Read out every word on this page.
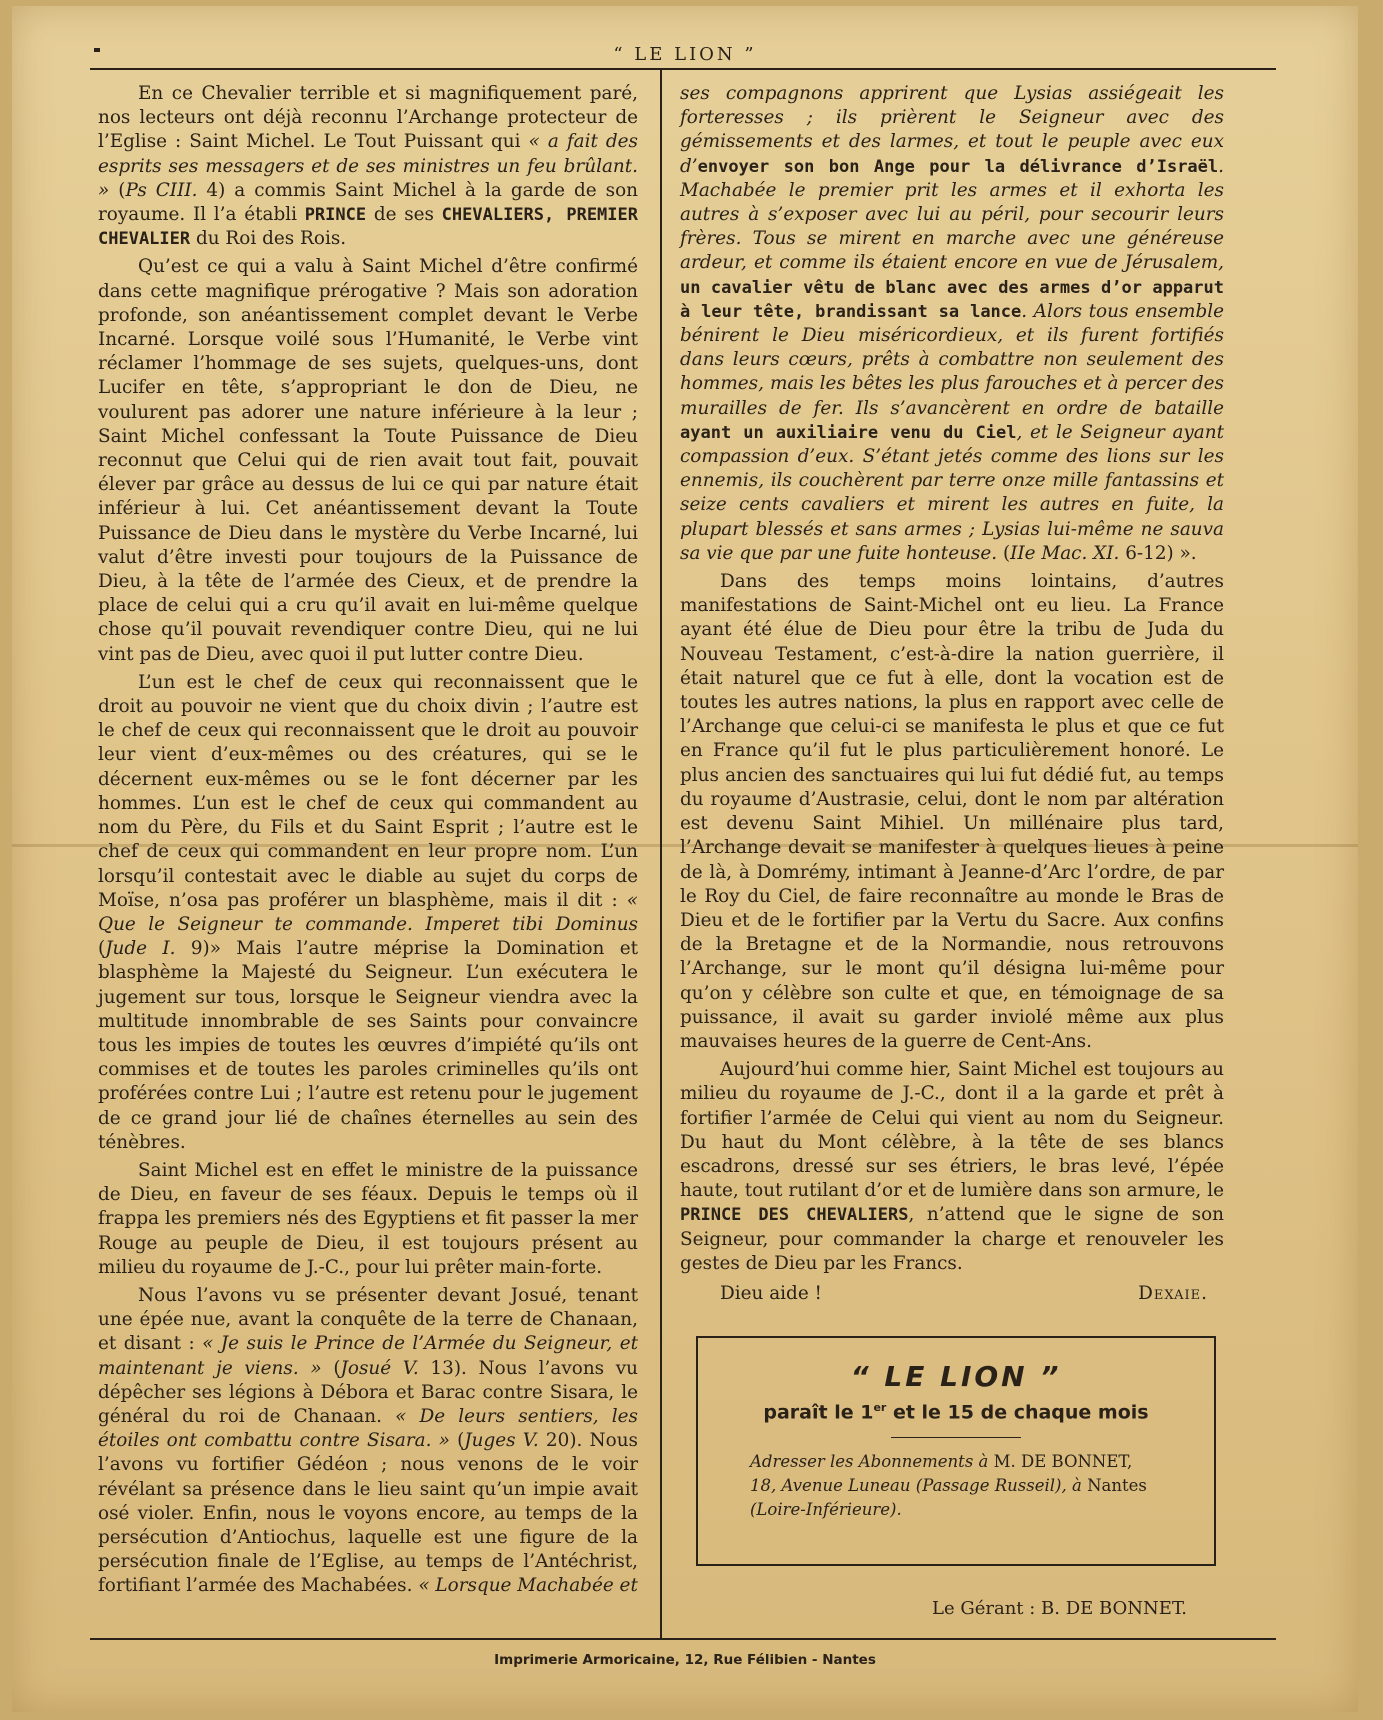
“ LE LION ”

En ce Chevalier terrible et si magnifiquement paré, nos lecteurs ont déjà reconnu l’Archange protecteur de l’Eglise : Saint Michel. Le Tout Puissant qui « a fait des esprits ses messagers et de ses ministres un feu brûlant. » (Ps CIII. 4) a commis Saint Michel à la garde de son royaume. Il l’a établi PRINCE de ses CHEVALIERS, PREMIER CHEVALIER du Roi des Rois.

Qu’est ce qui a valu à Saint Michel d’être confirmé dans cette magnifique prérogative ? Mais son adoration profonde, son anéantissement complet devant le Verbe Incarné. Lorsque voilé sous l’Humanité, le Verbe vint réclamer l’hommage de ses sujets, quelques-uns, dont Lucifer en tête, s’appropriant le don de Dieu, ne voulurent pas adorer une nature inférieure à la leur ; Saint Michel confessant la Toute Puissance de Dieu reconnut que Celui qui de rien avait tout fait, pouvait élever par grâce au dessus de lui ce qui par nature était inférieur à lui. Cet anéantissement devant la Toute Puissance de Dieu dans le mystère du Verbe Incarné, lui valut d’être investi pour toujours de la Puissance de Dieu, à la tête de l’armée des Cieux, et de prendre la place de celui qui a cru qu’il avait en lui-même quelque chose qu’il pouvait revendiquer contre Dieu, qui ne lui vint pas de Dieu, avec quoi il put lutter contre Dieu.

L’un est le chef de ceux qui reconnaissent que le droit au pouvoir ne vient que du choix divin ; l’autre est le chef de ceux qui reconnaissent que le droit au pouvoir leur vient d’eux-mêmes ou des créatures, qui se le décernent eux-mêmes ou se le font décerner par les hommes. L’un est le chef de ceux qui commandent au nom du Père, du Fils et du Saint Esprit ; l’autre est le chef de ceux qui commandent en leur propre nom. L’un lorsqu’il contestait avec le diable au sujet du corps de Moïse, n’osa pas proférer un blasphème, mais il dit : « Que le Seigneur te commande. Imperet tibi Dominus (Jude I. 9)» Mais l’autre méprise la Domination et blasphème la Majesté du Seigneur. L’un exécutera le jugement sur tous, lorsque le Seigneur viendra avec la multitude innombrable de ses Saints pour convaincre tous les impies de toutes les œuvres d’impiété qu’ils ont commises et de toutes les paroles criminelles qu’ils ont proférées contre Lui ; l’autre est retenu pour le jugement de ce grand jour lié de chaînes éternelles au sein des ténèbres.

Saint Michel est en effet le ministre de la puissance de Dieu, en faveur de ses féaux. Depuis le temps où il frappa les premiers nés des Egyptiens et fit passer la mer Rouge au peuple de Dieu, il est toujours présent au milieu du royaume de J.-C., pour lui prêter main-forte.

Nous l’avons vu se présenter devant Josué, tenant une épée nue, avant la conquête de la terre de Chanaan, et disant : « Je suis le Prince de l’Armée du Seigneur, et maintenant je viens. » (Josué V. 13). Nous l’avons vu dépêcher ses légions à Débora et Barac contre Sisara, le général du roi de Chanaan. « De leurs sentiers, les étoiles ont combattu contre Sisara. » (Juges V. 20). Nous l’avons vu fortifier Gédéon ; nous venons de le voir révélant sa présence dans le lieu saint qu’un impie avait osé violer. Enfin, nous le voyons encore, au temps de la persécution d’Antiochus, laquelle est une figure de la persécution finale de l’Eglise, au temps de l’Antéchrist, fortifiant l’armée des Machabées. « Lorsque Machabée et

ses compagnons apprirent que Lysias assiégeait les forteresses ; ils prièrent le Seigneur avec des gémissements et des larmes, et tout le peuple avec eux d’envoyer son bon Ange pour la délivrance d’Israël. Machabée le premier prit les armes et il exhorta les autres à s’exposer avec lui au péril, pour secourir leurs frères. Tous se mirent en marche avec une généreuse ardeur, et comme ils étaient encore en vue de Jérusalem, un cavalier vêtu de blanc avec des armes d’or apparut à leur tête, brandissant sa lance. Alors tous ensemble bénirent le Dieu miséricordieux, et ils furent fortifiés dans leurs cœurs, prêts à combattre non seulement des hommes, mais les bêtes les plus farouches et à percer des murailles de fer. Ils s’avancèrent en ordre de bataille ayant un auxiliaire venu du Ciel, et le Seigneur ayant compassion d’eux. S’étant jetés comme des lions sur les ennemis, ils couchèrent par terre onze mille fantassins et seize cents cavaliers et mirent les autres en fuite, la plupart blessés et sans armes ; Lysias lui-même ne sauva sa vie que par une fuite honteuse. (IIe Mac. XI. 6-12) ».

Dans des temps moins lointains, d’autres manifestations de Saint-Michel ont eu lieu. La France ayant été élue de Dieu pour être la tribu de Juda du Nouveau Testament, c’est-à-dire la nation guerrière, il était naturel que ce fut à elle, dont la vocation est de toutes les autres nations, la plus en rapport avec celle de l’Archange que celui-ci se manifesta le plus et que ce fut en France qu’il fut le plus particulièrement honoré. Le plus ancien des sanctuaires qui lui fut dédié fut, au temps du royaume d’Austrasie, celui, dont le nom par altération est devenu Saint Mihiel. Un millénaire plus tard, l’Archange devait se manifester à quelques lieues à peine de là, à Domrémy, intimant à Jeanne-d’Arc l’ordre, de par le Roy du Ciel, de faire reconnaître au monde le Bras de Dieu et de le fortifier par la Vertu du Sacre. Aux confins de la Bretagne et de la Normandie, nous retrouvons l’Archange, sur le mont qu’il désigna lui-même pour qu’on y célèbre son culte et que, en témoignage de sa puissance, il avait su garder inviolé même aux plus mauvaises heures de la guerre de Cent-Ans.

Aujourd’hui comme hier, Saint Michel est toujours au milieu du royaume de J.-C., dont il a la garde et prêt à fortifier l’armée de Celui qui vient au nom du Seigneur. Du haut du Mont célèbre, à la tête de ses blancs escadrons, dressé sur ses étriers, le bras levé, l’épée haute, tout rutilant d’or et de lumière dans son armure, le PRINCE DES CHEVALIERS, n’attend que le signe de son Seigneur, pour commander la charge et renouveler les gestes de Dieu par les Francs.

Dieu aide !	Dexaie.
“ LE LION ”
paraît le 1er et le 15 de chaque mois
Adresser les Abonnements à M. DE BONNET,
18, Avenue Luneau (Passage Russeil), à Nantes
(Loire-Inférieure).
Le Gérant : B. DE BONNET.
Imprimerie Armoricaine, 12, Rue Félibien - Nantes
